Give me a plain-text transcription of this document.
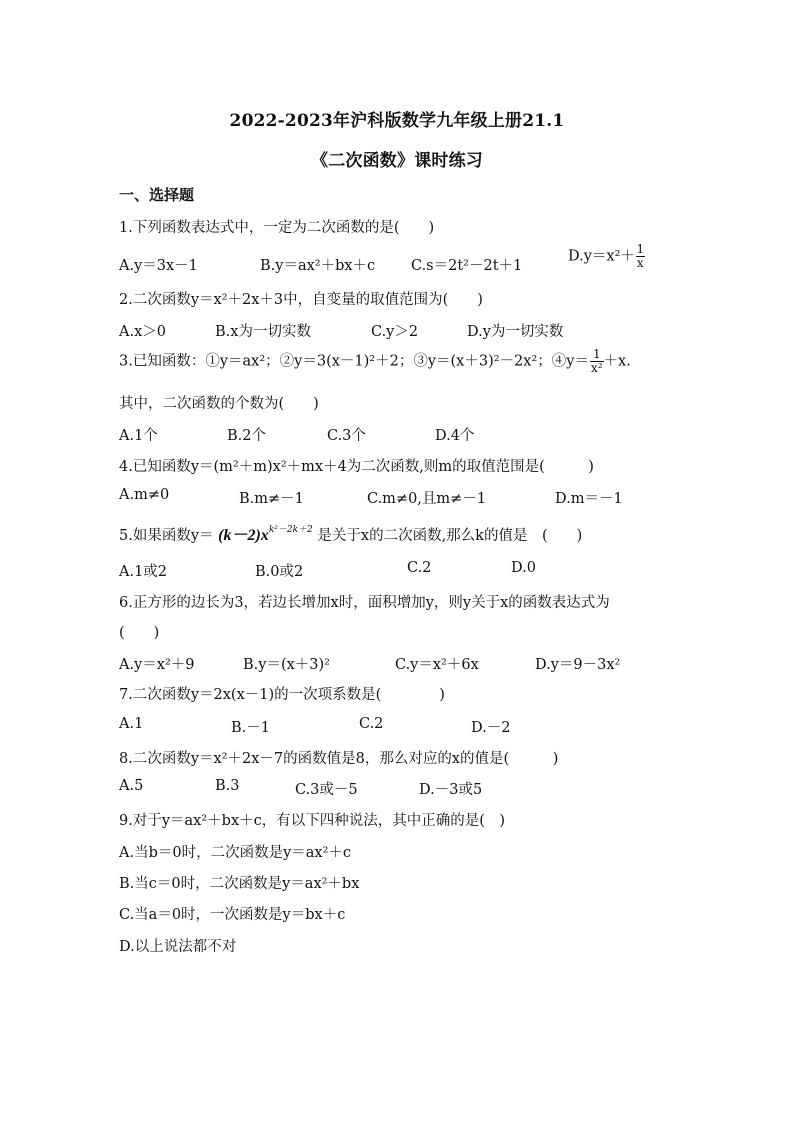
2022-2023年沪科版数学九年级上册21.1
《二次函数》课时练习
一、选择题
1.下列函数表达式中，一定为二次函数的是(　　)
A.y＝3x－1	B.y＝ax²＋bx＋c C.s＝2t²－2t＋1
$D.y=x^2+ \frac{1}{x}$
2.二次函数y＝x²＋2x＋3中，自变量的取值范围为(　　)
A.x＞0	B.x为一切实数	C.y＞2	D.y为一切实数
3.已知函数：①y＝ax²；②y＝3(x－1)²＋2；③y＝(x＋3)²－2x²；④y＝ $\frac{1}{\text{x²}} +x$.
其中，二次函数的个数为(　　)
A.1个	B.2个	C.3个	D.4个
4.已知函数y＝(m²＋m)x²＋mx＋4为二次函数,则m的取值范围是(　　　)
A.m≠0	B.m≠－1	C.m≠0,且m≠－1	D.m＝－1
5.如果函数$y= (k-2)x^{k^2-2k+2}$ 是关于x的二次函数,那么k的值是　(　　)
A.1或2	B.0或2	C.2	D.0
6.正方形的边长为3，若边长增加x时，面积增加y，则y关于x的函数表达式为
(　　)
A.y＝x²＋9	B.y＝(x＋3)²	C.y＝x²＋6x	D.y＝9－3x²
7.二次函数y＝2x(x－1)的一次项系数是(　　　　)
A.1	B.－1	C.2	D.－2
8.二次函数y＝x²＋2x－7的函数值是8，那么对应的x的值是(　　　)
A.5	B.3	C.3或－5	D.－3或5
9.对于y＝ax²＋bx＋c，有以下四种说法，其中正确的是(　)
A.当b＝0时，二次函数是y＝ax²＋c
B.当c＝0时，二次函数是y＝ax²＋bx
C.当a＝0时，一次函数是y＝bx＋c
D.以上说法都不对
